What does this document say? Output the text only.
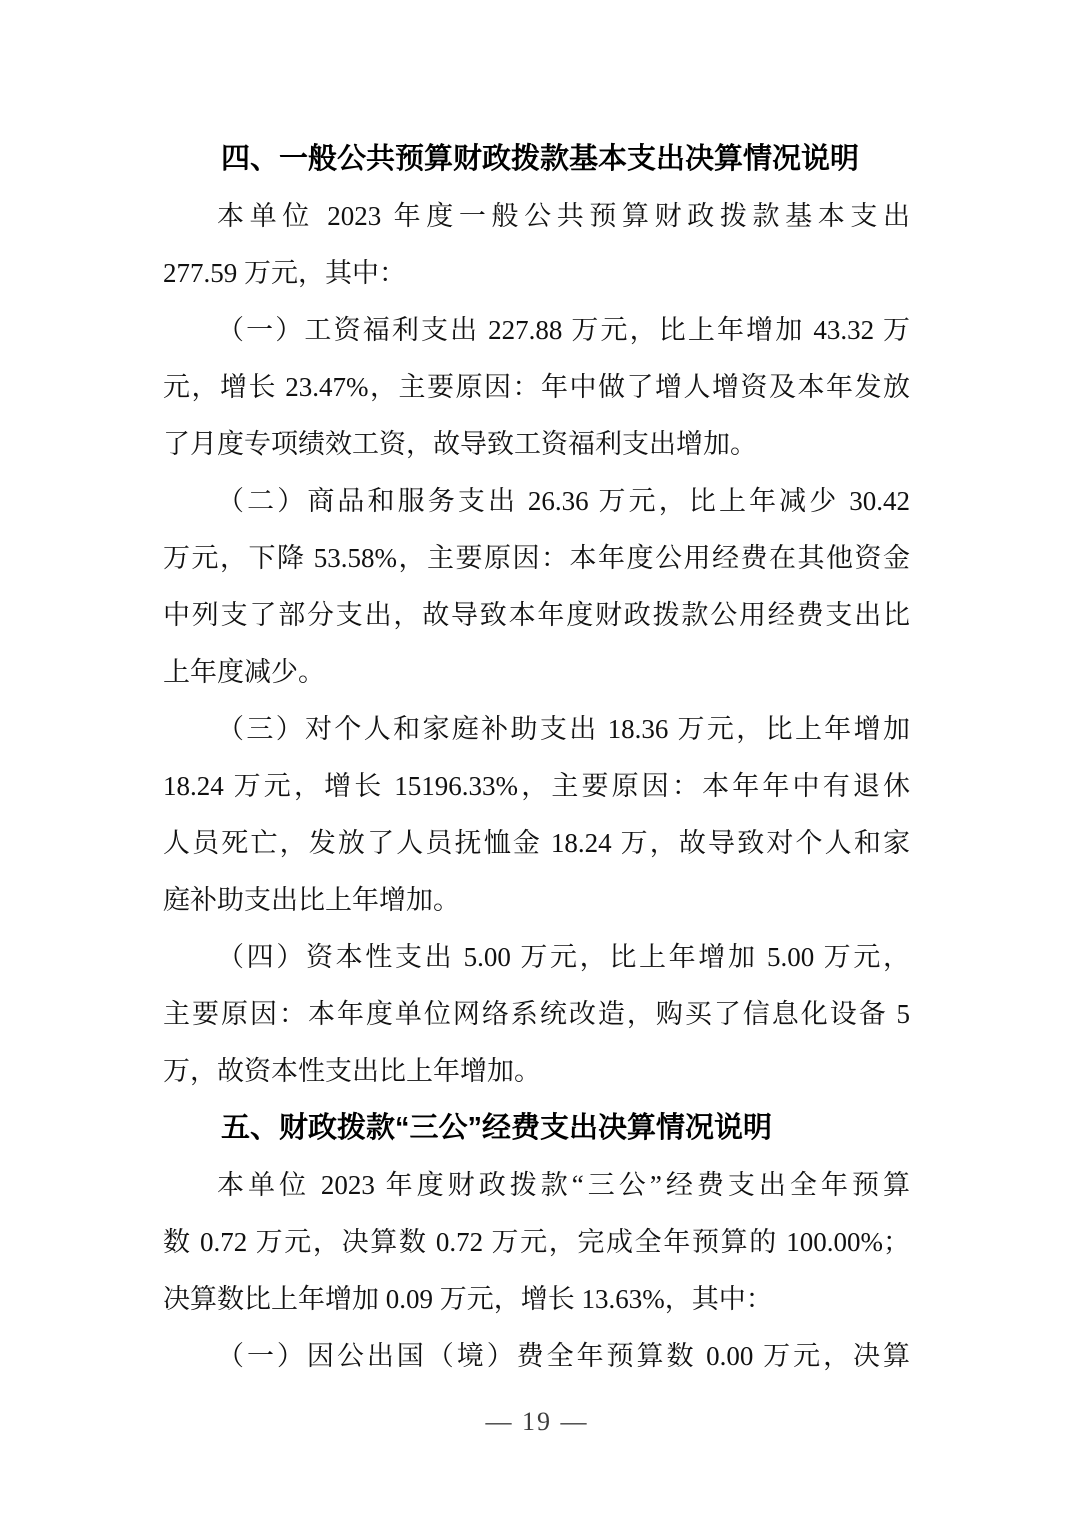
四、一般公共预算财政拨款基本支出决算情况说明
本单位 2023 年度一般公共预算财政拨款基本支出
277.59 万元，其中：
（一）工资福利支出 227.88 万元，比上年增加 43.32 万
元，增长 23.47%，主要原因：年中做了增人增资及本年发放
了月度专项绩效工资，故导致工资福利支出增加。
（二）商品和服务支出 26.36 万元，比上年减少 30.42
万元，下降 53.58%，主要原因：本年度公用经费在其他资金
中列支了部分支出，故导致本年度财政拨款公用经费支出比
上年度减少。
（三）对个人和家庭补助支出 18.36 万元，比上年增加
18.24 万元，增长 15196.33%，主要原因：本年年中有退休
人员死亡，发放了人员抚恤金 18.24 万，故导致对个人和家
庭补助支出比上年增加。
（四）资本性支出 5.00 万元，比上年增加 5.00 万元，
主要原因：本年度单位网络系统改造，购买了信息化设备 5
万，故资本性支出比上年增加。
五、财政拨款“三公”经费支出决算情况说明
本单位 2023 年度财政拨款“三公”经费支出全年预算
数 0.72 万元，决算数 0.72 万元，完成全年预算的 100.00%；
决算数比上年增加 0.09 万元，增长 13.63%，其中：
（一）因公出国（境）费全年预算数 0.00 万元，决算
— 19 —
